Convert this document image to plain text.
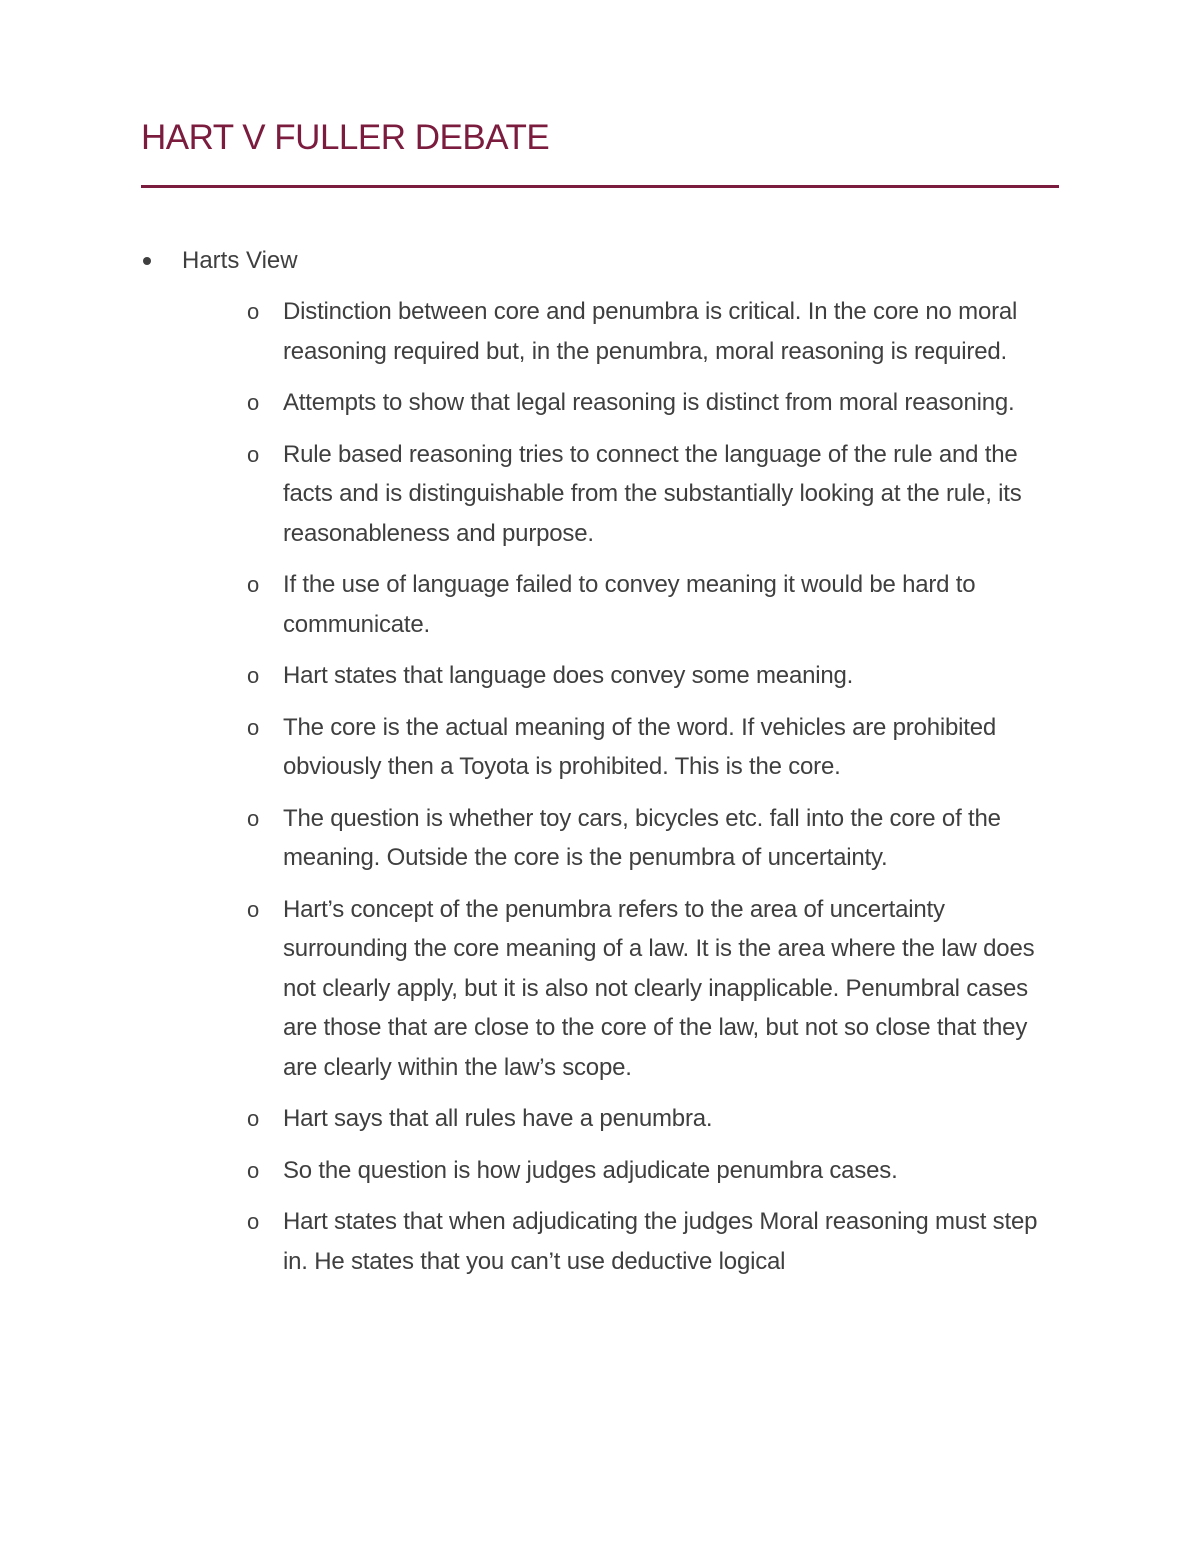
HART V FULLER DEBATE
Harts View
o Distinction between core and penumbra is critical. In the core no moral reasoning required but, in the penumbra, moral reasoning is required.
o Attempts to show that legal reasoning is distinct from moral reasoning.
o Rule based reasoning tries to connect the language of the rule and the facts and is distinguishable from the substantially looking at the rule, its reasonableness and purpose.
o If the use of language failed to convey meaning it would be hard to communicate.
o Hart states that language does convey some meaning.
o The core is the actual meaning of the word. If vehicles are prohibited obviously then a Toyota is prohibited. This is the core.
o The question is whether toy cars, bicycles etc. fall into the core of the meaning. Outside the core is the penumbra of uncertainty.
o Hart’s concept of the penumbra refers to the area of uncertainty surrounding the core meaning of a law. It is the area where the law does not clearly apply, but it is also not clearly inapplicable. Penumbral cases are those that are close to the core of the law, but not so close that they are clearly within the law’s scope.
o Hart says that all rules have a penumbra.
o So the question is how judges adjudicate penumbra cases.
o Hart states that when adjudicating the judges Moral reasoning must step in. He states that you can’t use deductive logical
